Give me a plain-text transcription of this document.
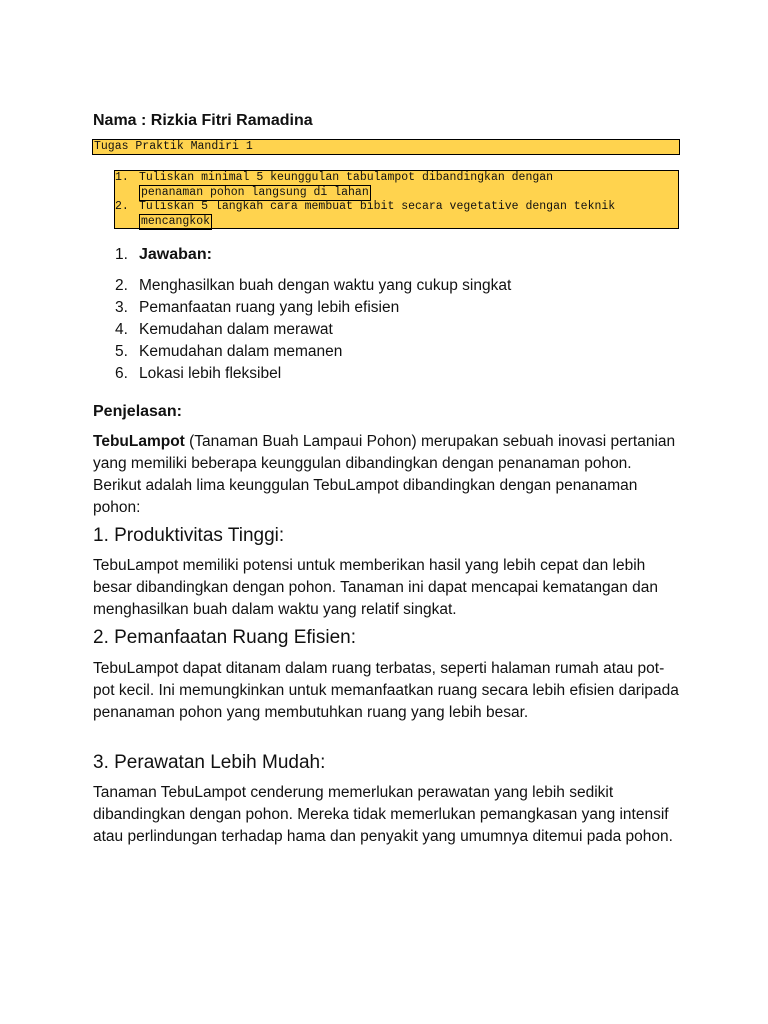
Nama : Rizkia Fitri Ramadina
Tugas Praktik Mandiri 1
1. Tuliskan minimal 5 keunggulan tabulampot dibandingkan dengan
penanaman pohon langsung di lahan
2. Tuliskan 5 langkah cara membuat bibit secara vegetative dengan teknik
mencangkok
1. Jawaban:
2. Menghasilkan buah dengan waktu yang cukup singkat
3. Pemanfaatan ruang yang lebih efisien
4. Kemudahan dalam merawat
5. Kemudahan dalam memanen
6. Lokasi lebih fleksibel
Penjelasan:
TebuLampot (Tanaman Buah Lampaui Pohon) merupakan sebuah inovasi pertanian yang memiliki beberapa keunggulan dibandingkan dengan penanaman pohon. Berikut adalah lima keunggulan TebuLampot dibandingkan dengan penanaman pohon:
1. Produktivitas Tinggi:
TebuLampot memiliki potensi untuk memberikan hasil yang lebih cepat dan lebih besar dibandingkan dengan pohon. Tanaman ini dapat mencapai kematangan dan menghasilkan buah dalam waktu yang relatif singkat.
2. Pemanfaatan Ruang Efisien:
TebuLampot dapat ditanam dalam ruang terbatas, seperti halaman rumah atau pot-pot kecil. Ini memungkinkan untuk memanfaatkan ruang secara lebih efisien daripada penanaman pohon yang membutuhkan ruang yang lebih besar.
3. Perawatan Lebih Mudah:
Tanaman TebuLampot cenderung memerlukan perawatan yang lebih sedikit dibandingkan dengan pohon. Mereka tidak memerlukan pemangkasan yang intensif atau perlindungan terhadap hama dan penyakit yang umumnya ditemui pada pohon.
